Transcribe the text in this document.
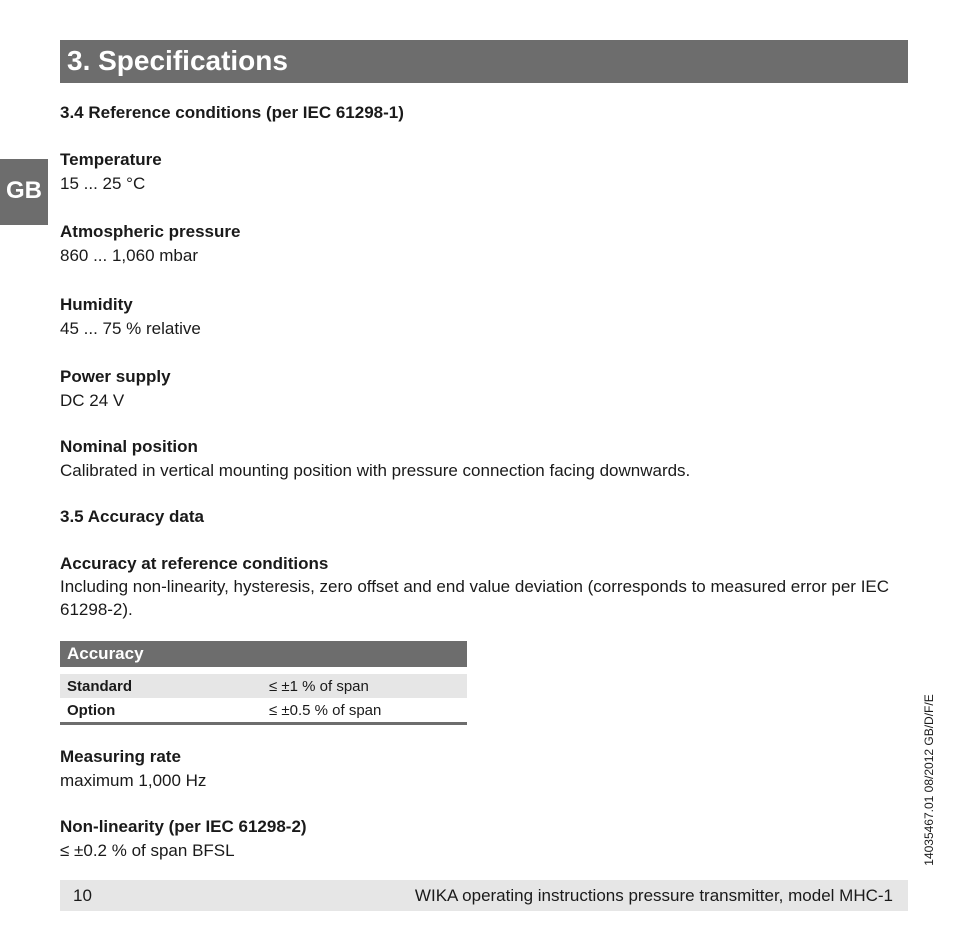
3. Specifications
GB
3.4 Reference conditions (per IEC 61298-1)
Temperature
15 ... 25 °C
Atmospheric pressure
860 ... 1,060 mbar
Humidity
45 ... 75 % relative
Power supply
DC 24 V
Nominal position
Calibrated in vertical mounting position with pressure connection facing downwards.
3.5 Accuracy data
Accuracy at reference conditions
Including non-linearity, hysteresis, zero offset and end value deviation (corresponds to measured error per IEC 61298-2).
Accuracy	

Standard	≤ ±1 % of span
Option	≤ ±0.5 % of span
Measuring rate
maximum 1,000 Hz
Non-linearity (per IEC 61298-2)
≤ ±0.2 % of span BFSL
10	WIKA operating instructions pressure transmitter, model MHC-1
14035467.01 08/2012 GB/D/F/E
